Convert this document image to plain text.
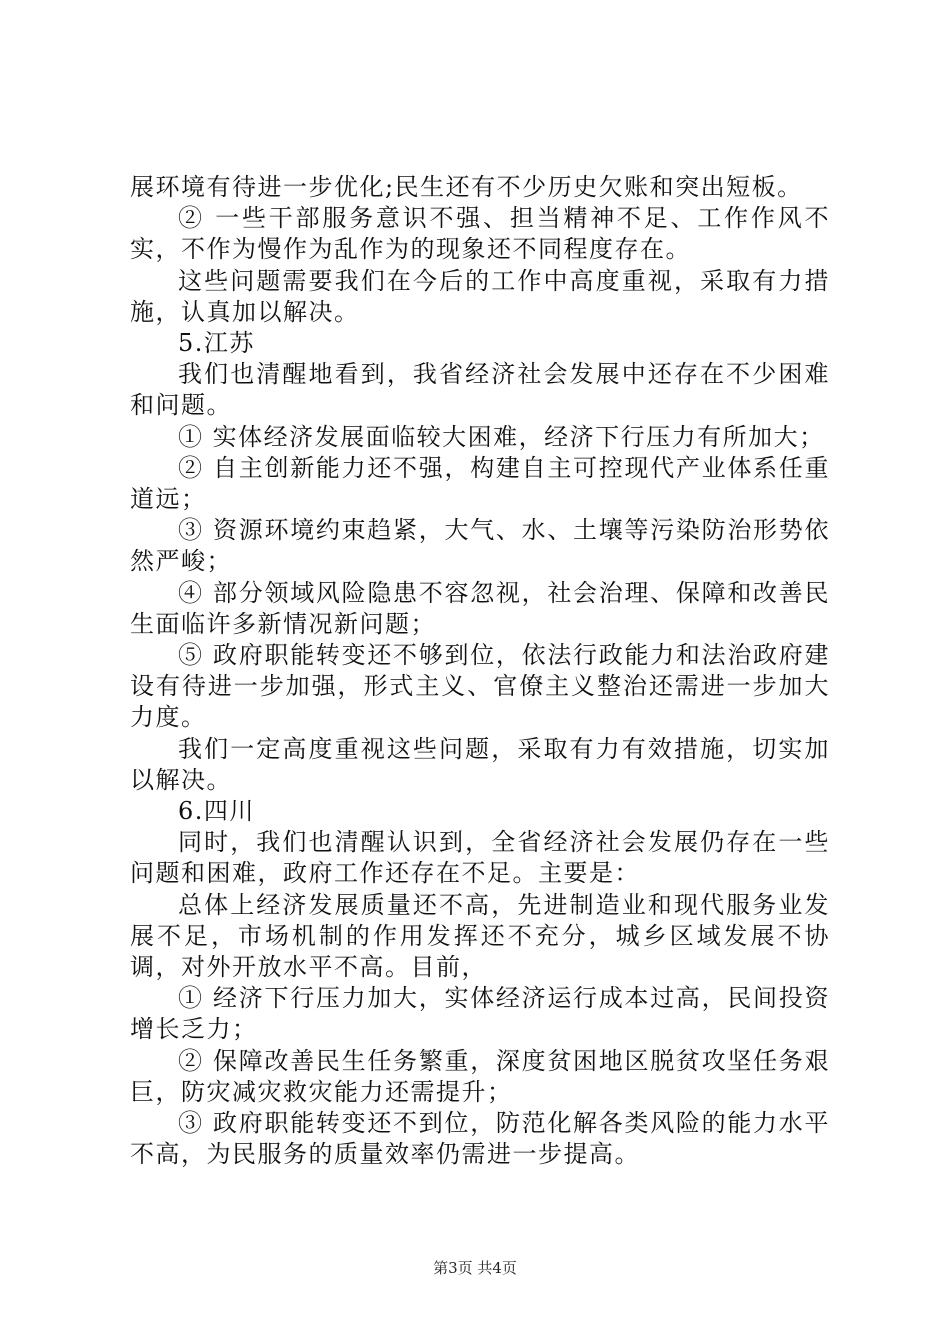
展环境有待进一步优化;民生还有不少历史欠账和突出短板。

② 一些干部服务意识不强、担当精神不足、工作作风不实，不作为慢作为乱作为的现象还不同程度存在。

这些问题需要我们在今后的工作中高度重视，采取有力措施，认真加以解决。

5.江苏

我们也清醒地看到，我省经济社会发展中还存在不少困难和问题。

① 实体经济发展面临较大困难，经济下行压力有所加大；

② 自主创新能力还不强，构建自主可控现代产业体系任重道远；

③ 资源环境约束趋紧，大气、水、土壤等污染防治形势依然严峻；

④ 部分领域风险隐患不容忽视，社会治理、保障和改善民生面临许多新情况新问题；

⑤ 政府职能转变还不够到位，依法行政能力和法治政府建设有待进一步加强，形式主义、官僚主义整治还需进一步加大力度。

我们一定高度重视这些问题，采取有力有效措施，切实加以解决。

6.四川

同时，我们也清醒认识到，全省经济社会发展仍存在一些问题和困难，政府工作还存在不足。主要是：

总体上经济发展质量还不高，先进制造业和现代服务业发展不足，市场机制的作用发挥还不充分，城乡区域发展不协调，对外开放水平不高。目前，

① 经济下行压力加大，实体经济运行成本过高，民间投资增长乏力；

② 保障改善民生任务繁重，深度贫困地区脱贫攻坚任务艰巨，防灾减灾救灾能力还需提升；

③ 政府职能转变还不到位，防范化解各类风险的能力水平不高，为民服务的质量效率仍需进一步提高。

第3页 共4页
